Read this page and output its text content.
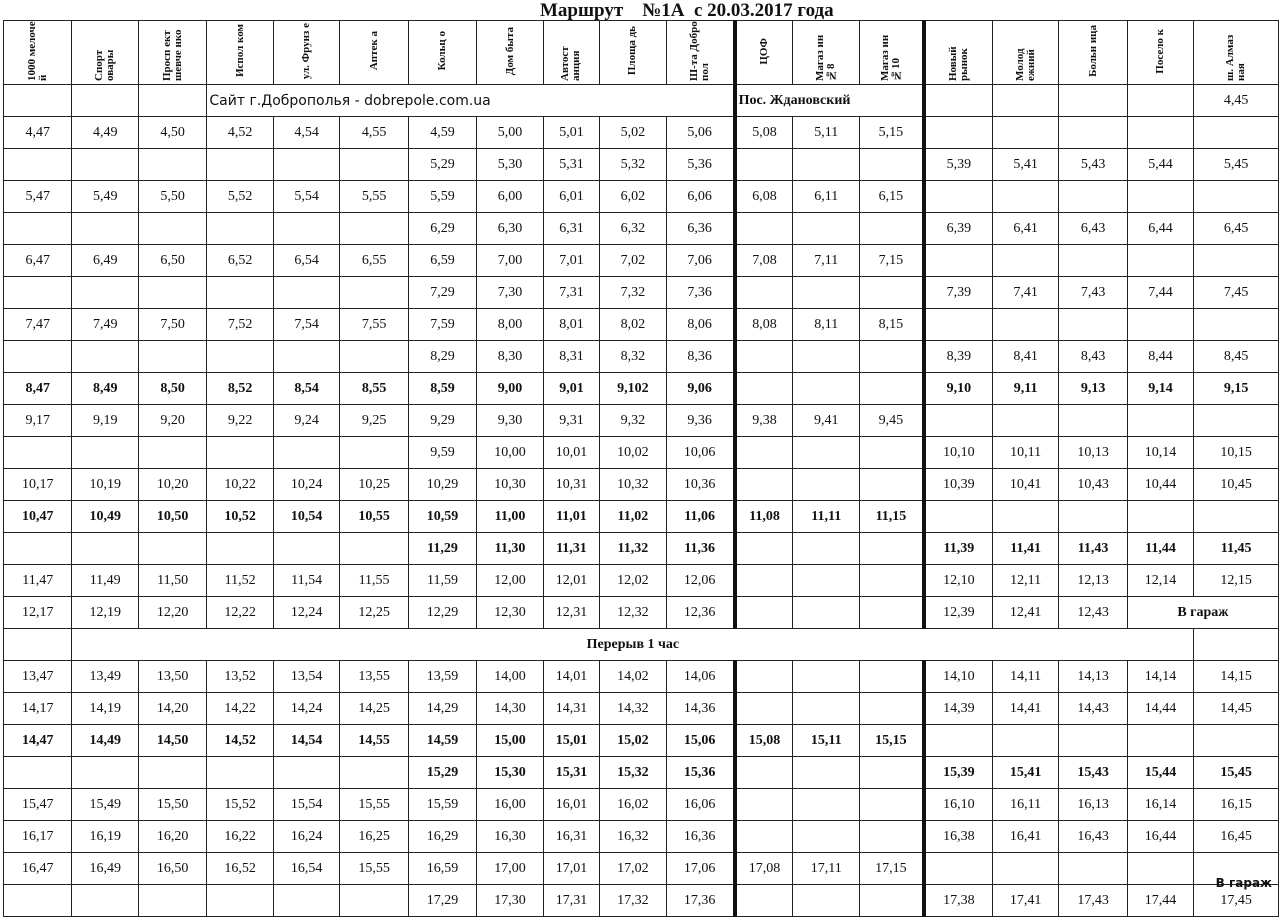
Маршрут    №1А  с 20.03.2017 года
1000 мелоче й	Спорт овары	Просп ект шевче нко	Испол ком	ул. Фрунз е	Аптек а	Кольц о	Дом быта	Автост анция	Площа дь	Ш-та Добро пол	ЦОФ	Магаз ин №8	Магаз ин №10	Новый рынок	Молод ежний	Больн ица	Посело к	ш. Алмаз ная
			Сайт г.Доброполья - dobrepole.com.ua								Пос. Ждановский							4,45
4,47	4,49	4,50	4,52	4,54	4,55	4,59	5,00	5,01	5,02	5,06	5,08	5,11	5,15					
						5,29	5,30	5,31	5,32	5,36				5,39	5,41	5,43	5,44	5,45
5,47	5,49	5,50	5,52	5,54	5,55	5,59	6,00	6,01	6,02	6,06	6,08	6,11	6,15					
						6,29	6,30	6,31	6,32	6,36				6,39	6,41	6,43	6,44	6,45
6,47	6,49	6,50	6,52	6,54	6,55	6,59	7,00	7,01	7,02	7,06	7,08	7,11	7,15					
						7,29	7,30	7,31	7,32	7,36				7,39	7,41	7,43	7,44	7,45
7,47	7,49	7,50	7,52	7,54	7,55	7,59	8,00	8,01	8,02	8,06	8,08	8,11	8,15					
						8,29	8,30	8,31	8,32	8,36				8,39	8,41	8,43	8,44	8,45
8,47	8,49	8,50	8,52	8,54	8,55	8,59	9,00	9,01	9,102	9,06				9,10	9,11	9,13	9,14	9,15
9,17	9,19	9,20	9,22	9,24	9,25	9,29	9,30	9,31	9,32	9,36	9,38	9,41	9,45					
						9,59	10,00	10,01	10,02	10,06				10,10	10,11	10,13	10,14	10,15
10,17	10,19	10,20	10,22	10,24	10,25	10,29	10,30	10,31	10,32	10,36				10,39	10,41	10,43	10,44	10,45
10,47	10,49	10,50	10,52	10,54	10,55	10,59	11,00	11,01	11,02	11,06	11,08	11,11	11,15					
						11,29	11,30	11,31	11,32	11,36				11,39	11,41	11,43	11,44	11,45
11,47	11,49	11,50	11,52	11,54	11,55	11,59	12,00	12,01	12,02	12,06				12,10	12,11	12,13	12,14	12,15
12,17	12,19	12,20	12,22	12,24	12,25	12,29	12,30	12,31	12,32	12,36				12,39	12,41	12,43	В гараж	
	Перерыв 1 час																	
13,47	13,49	13,50	13,52	13,54	13,55	13,59	14,00	14,01	14,02	14,06				14,10	14,11	14,13	14,14	14,15
14,17	14,19	14,20	14,22	14,24	14,25	14,29	14,30	14,31	14,32	14,36				14,39	14,41	14,43	14,44	14,45
14,47	14,49	14,50	14,52	14,54	14,55	14,59	15,00	15,01	15,02	15,06	15,08	15,11	15,15					
						15,29	15,30	15,31	15,32	15,36				15,39	15,41	15,43	15,44	15,45
15,47	15,49	15,50	15,52	15,54	15,55	15,59	16,00	16,01	16,02	16,06				16,10	16,11	16,13	16,14	16,15
16,17	16,19	16,20	16,22	16,24	16,25	16,29	16,30	16,31	16,32	16,36				16,38	16,41	16,43	16,44	16,45
16,47	16,49	16,50	16,52	16,54	15,55	16,59	17,00	17,01	17,02	17,06	17,08	17,11	17,15					
						17,29	17,30	17,31	17,32	17,36				17,38	17,41	17,43	17,44	17,45
В гараж
